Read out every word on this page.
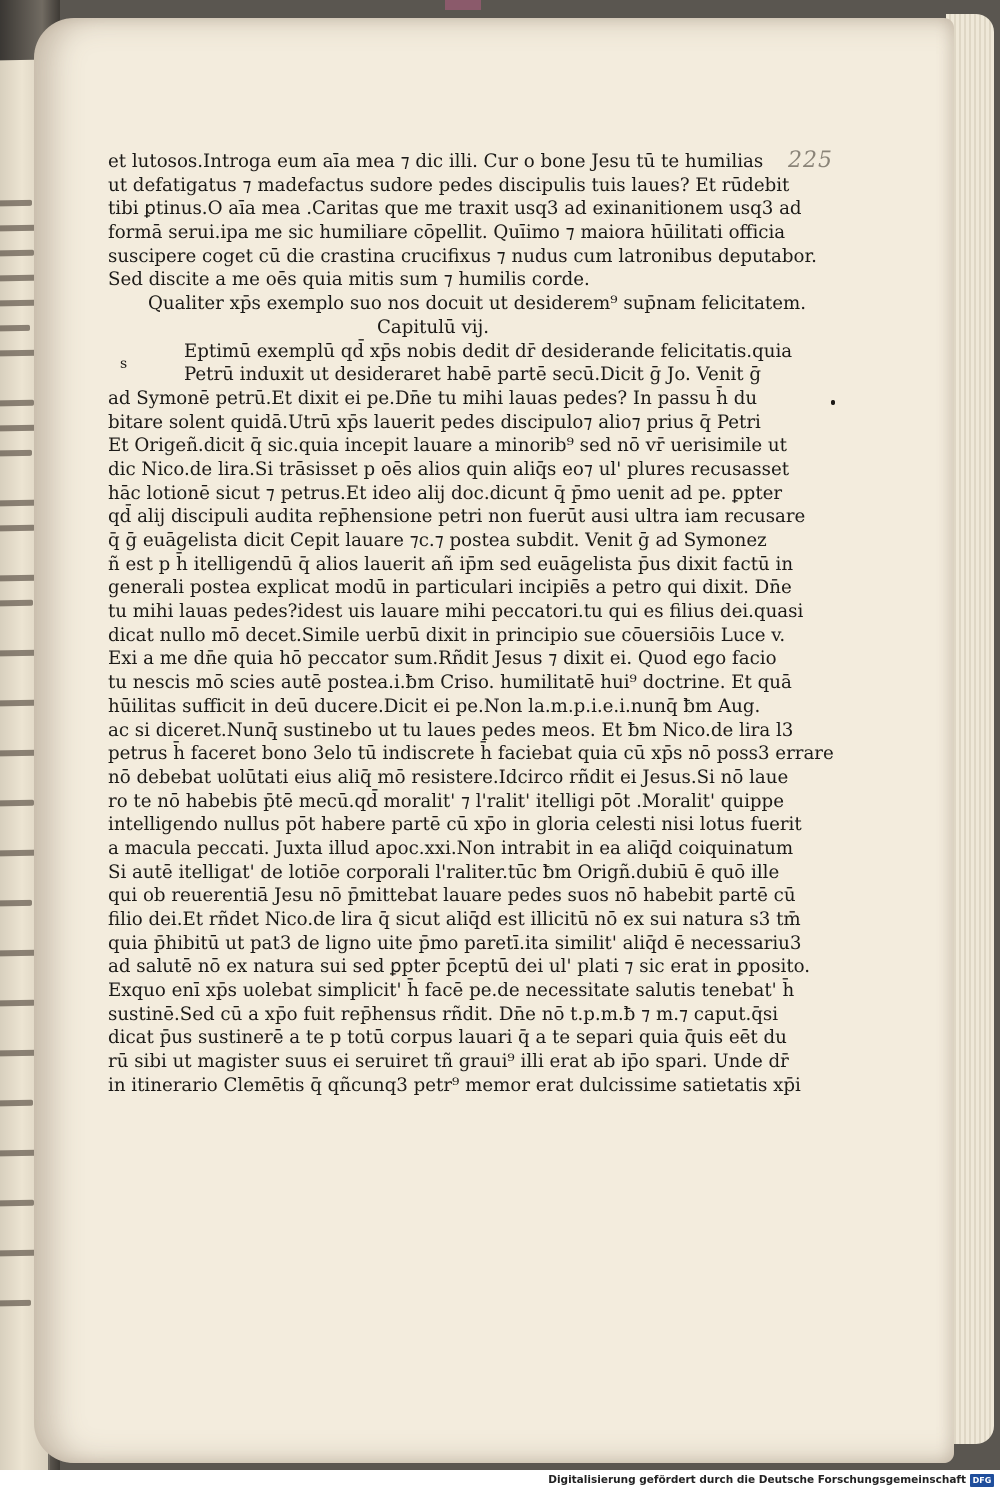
225
s
et lutosos.Introga eum aīa mea ⁊ dic illi. Cur o bone Jesu tū te humilias
ut defatigatus ⁊ madefactus sudore pedes discipulis tuis laues? Et rūdebit
tibi ꝑtinus.O aīa mea .Caritas que me traxit usq3 ad exinanitionem usq3 ad
formā serui.ipa me sic humiliare cōpellit. Quīimo ⁊ maiora hūilitati officia
suscipere coget cū die crastina crucifixus ⁊ nudus cum latronibus deputabor.
Sed discite a me oēs quia mitis sum ⁊ humilis corde.
Qualiter xp̄s exemplo suo nos docuit ut desiderem⁹ sup̄nam felicitatem.
Capitulū vij.
Eptimū exemplū qd̄ xp̄s nobis dedit dr̄ desiderande felicitatis.quia
Petrū induxit ut desideraret habē partē secū.Dicit ḡ Jo. Venit ḡ
ad Symonē petrū.Et dixit ei pe.Dn̄e tu mihi lauas pedes? In passu h̄ du
bitare solent quidā.Utrū xp̄s lauerit pedes discipulo⁊ alio⁊ prius q̄ Petri
Et Origeñ.dicit q̄ sic.quia incepit lauare a minorib⁹ sed nō vr̄ uerisimile ut
dic Nico.de lira.Si trāsisset p oēs alios quin aliq̄s eo⁊ ul' plures recusasset
hāc lotionē sicut ⁊ petrus.Et ideo alij doc.dicunt q̄ p̄mo uenit ad pe. ꝑpter
qd̄ alij discipuli audita rep̄hensione petri non fuerūt ausi ultra iam recusare
q̄ ḡ euāgelista dicit Cepit lauare ⁊c.⁊ postea subdit. Venit ḡ ad Symonez
ñ est p h̄ itelligendū q̄ alios lauerit añ ip̄m sed euāgelista p̄us dixit factū in
generali postea explicat modū in particulari incipiēs a petro qui dixit. Dn̄e
tu mihi lauas pedes?idest uis lauare mihi peccatori.tu qui es filius dei.quasi
dicat nullo mō decet.Simile uerbū dixit in principio sue cōuersiōis Luce v.
Exi a me dn̄e quia hō peccator sum.Rñdit Jesus ⁊ dixit ei. Quod ego facio
tu nescis mō scies autē postea.i.ƀm Criso. humilitatē hui⁹ doctrine. Et quā
hūilitas sufficit in deū ducere.Dicit ei pe.Non la.m.p.i.e.i.nunq̄ ƀm Aug.
ac si diceret.Nunq̄ sustinebo ut tu laues pedes meos. Et ƀm Nico.de lira l3
petrus h̄ faceret bono 3elo tū indiscrete h̄ faciebat quia cū xp̄s nō poss3 errare
nō debebat uolūtati eius aliq̄ mō resistere.Idcirco rñdit ei Jesus.Si nō laue
ro te nō habebis p̄tē mecū.qd̄ moralit' ⁊ l'ralit' itelligi pōt .Moralit' quippe
intelligendo nullus pōt habere partē cū xp̄o in gloria celesti nisi lotus fuerit
a macula peccati. Juxta illud apoc.xxi.Non intrabit in ea aliq̄d coiquinatum
Si autē itelligat' de lotiōe corporali l'raliter.tūc ƀm Origñ.dubiū ē quō ille
qui ob reuerentiā Jesu nō p̄mittebat lauare pedes suos nō habebit partē cū
filio dei.Et rñdet Nico.de lira q̄ sicut aliq̄d est illicitū nō ex sui natura s3 tm̄
quia p̄hibitū ut pat3 de ligno uite p̄mo paretī.ita similit' aliq̄d ē necessariu3
ad salutē nō ex natura sui sed ꝑpter p̄ceptū dei ul' plati ⁊ sic erat in ꝑposito.
Exquo enī xp̄s uolebat simplicit' h̄ facē pe.de necessitate salutis tenebat' h̄
sustinē.Sed cū a xp̄o fuit rep̄hensus rñdit. Dn̄e nō t.p.m.ƀ ⁊ m.⁊ caput.q̄si
dicat p̄us sustinerē a te p totū corpus lauari q̄ a te separi quia q̄uis eēt du
rū sibi ut magister suus ei seruiret tñ graui⁹ illi erat ab ip̄o spari. Unde dr̄
in itinerario Clemētis q̄ qñcunq3 petr⁹ memor erat dulcissime satietatis xp̄i
Digitalisierung gefördert durch die Deutsche Forschungsgemeinschaft DFG
